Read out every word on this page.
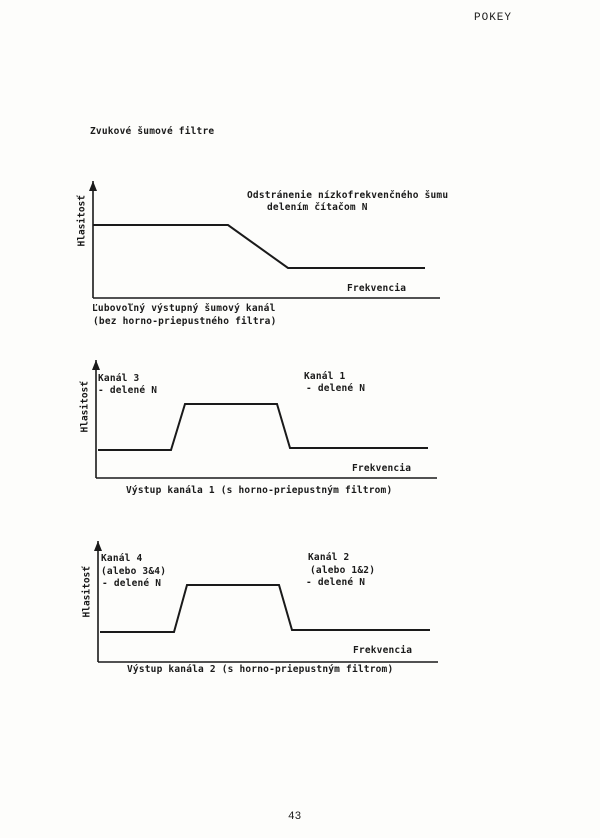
POKEY
Zvukové šumové filtre
Hlasitosť	Odstránenie nízkofrekvenčného šumu
delením čítačom N
Frekvencia
Ľubovoľný výstupný šumový kanál
(bez horno-priepustného filtra)
Hlasitosť
Kanál 3
- delené N
Kanál 1
- delené N
Frekvencia
Výstup kanála 1 (s horno-priepustným filtrom)
Hlasitosť
Kanál 4
(alebo 3&4)
- delené N
Kanál 2
(alebo 1&2)
- delené N
Frekvencia
Výstup kanála 2 (s horno-priepustným filtrom)
43
